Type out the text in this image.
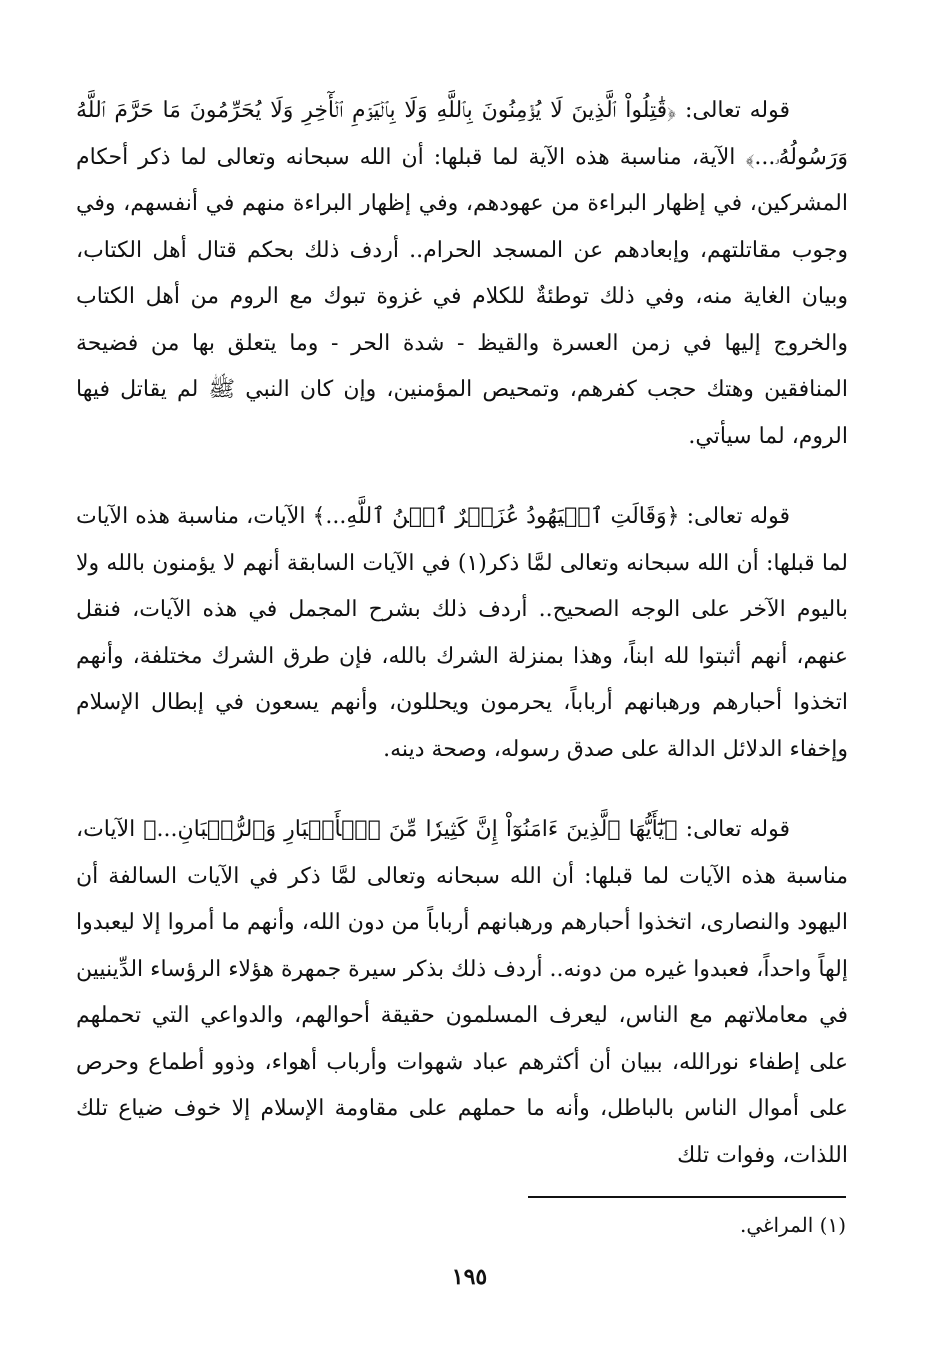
قوله تعالى: ﴿قَٰتِلُواْ ٱلَّذِينَ لَا يُؤۡمِنُونَ بِٱللَّهِ وَلَا بِٱلۡيَوۡمِ ٱلۡأٓخِرِ وَلَا يُحَرِّمُونَ مَا حَرَّمَ ٱللَّهُ وَرَسُولُهُۥ...﴾ الآية، مناسبة هذه الآية لما قبلها: أن الله سبحانه وتعالى لما ذكر أحكام المشركين، في إظهار البراءة من عهودهم، وفي إظهار البراءة منهم في أنفسهم، وفي وجوب مقاتلتهم، وإبعادهم عن المسجد الحرام.. أردف ذلك بحكم قتال أهل الكتاب، وبيان الغاية منه، وفي ذلك توطئةٌ للكلام في غزوة تبوك مع الروم من أهل الكتاب والخروج إليها في زمن العسرة والقيظ - شدة الحر - وما يتعلق بها من فضيحة المنافقين وهتك حجب كفرهم، وتمحيص المؤمنين، وإن كان النبي ﷺ لم يقاتل فيها الروم، لما سيأتي.

قوله تعالى: ﴿وَقَالَتِ ٱلۡيَهُودُ عُزَيۡرٌ ٱبۡنُ ٱللَّهِ...﴾ الآيات، مناسبة هذه الآيات لما قبلها: أن الله سبحانه وتعالى لمَّا ذكر(١) في الآيات السابقة أنهم لا يؤمنون بالله ولا باليوم الآخر على الوجه الصحيح.. أردف ذلك بشرح المجمل في هذه الآيات، فنقل عنهم، أنهم أثبتوا لله ابناً، وهذا بمنزلة الشرك بالله، فإن طرق الشرك مختلفة، وأنهم اتخذوا أحبارهم ورهبانهم أرباباً، يحرمون ويحللون، وأنهم يسعون في إبطال الإسلام وإخفاء الدلائل الدالة على صدق رسوله، وصحة دينه.

قوله تعالى: ﴿يَٰٓأَيُّهَا ٱلَّذِينَ ءَامَنُوٓاْ إِنَّ كَثِيرٗا مِّنَ ٱلۡأَحۡبَارِ وَٱلرُّهۡبَانِ...﴾ الآيات، مناسبة هذه الآيات لما قبلها: أن الله سبحانه وتعالى لمَّا ذكر في الآيات السالفة أن اليهود والنصارى، اتخذوا أحبارهم ورهبانهم أرباباً من دون الله، وأنهم ما أمروا إلا ليعبدوا إلهاً واحداً، فعبدوا غيره من دونه.. أردف ذلك بذكر سيرة جمهرة هؤلاء الرؤساء الدِّينيين في معاملاتهم مع الناس، ليعرف المسلمون حقيقة أحوالهم، والدواعي التي تحملهم على إطفاء نورالله، ببيان أن أكثرهم عباد شهوات وأرباب أهواء، وذوو أطماع وحرص على أموال الناس بالباطل، وأنه ما حملهم على مقاومة الإسلام إلا خوف ضياع تلك اللذات، وفوات تلك

(١) المراغي.
١٩٥
